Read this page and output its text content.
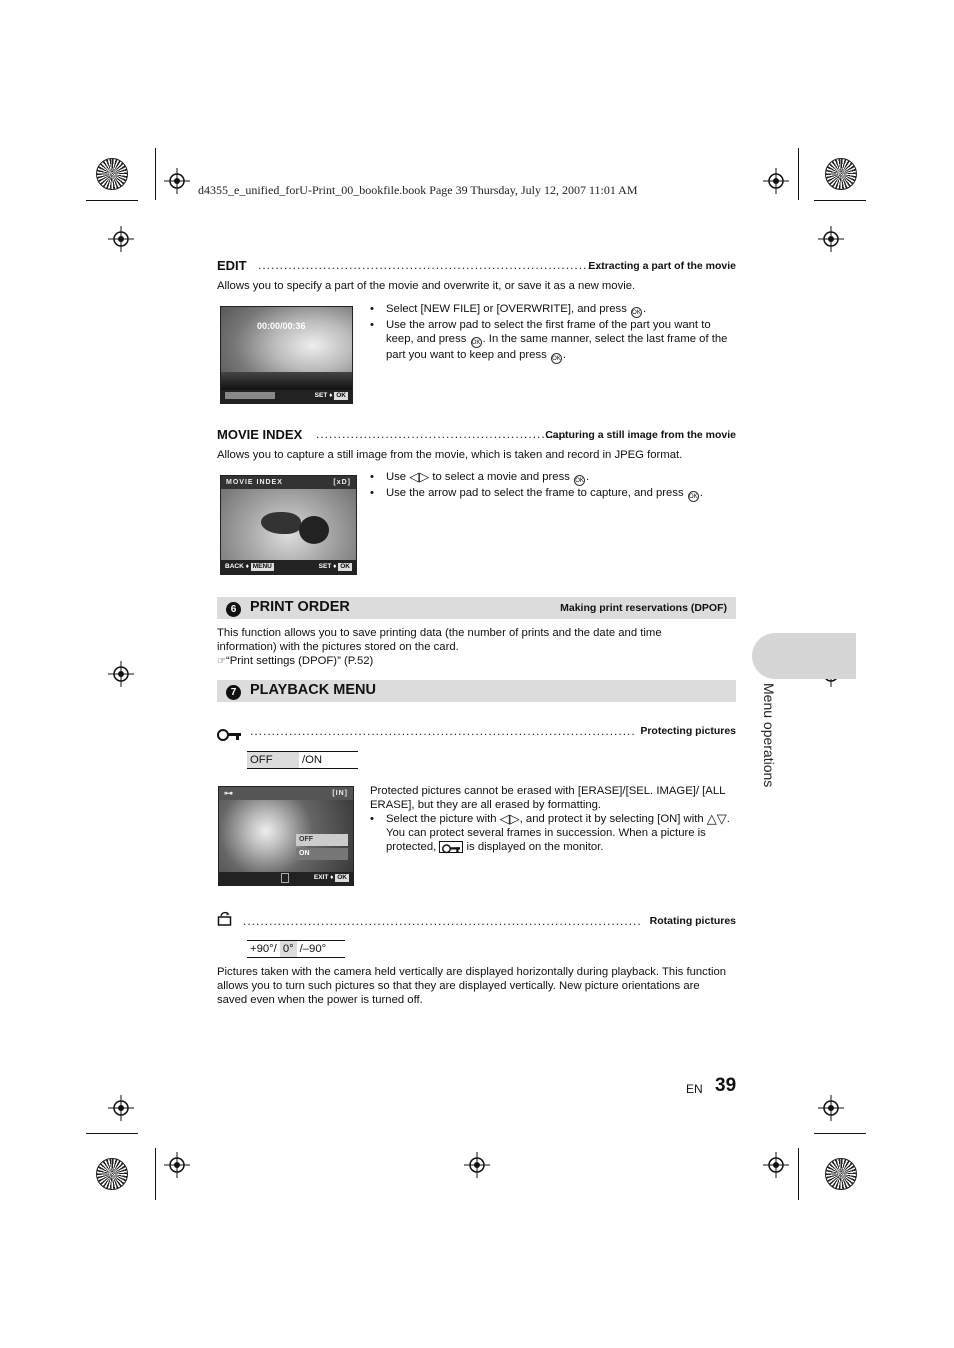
d4355_e_unified_forU-Print_00_bookfile.book Page 39 Thursday, July 12, 2007 11:01 AM
EDIT ................................................................................
Extracting a part of the movie
Allows you to specify a part of the movie and overwrite it, or save it as a new movie.
00:00/00:36
SET ♦ OK
• Select [NEW FILE] or [OVERWRITE], and press OK .
• Use the arrow pad to select the first frame of the part you want to keep, and press OK . In the same manner, select the last frame of the part you want to keep and press OK .
MOVIE INDEX ..........................................................
Capturing a still image from the movie
Allows you to capture a still image from the movie, which is taken and record in JPEG format.
MOVIE INDEX	[xD]
BACK ♦ MENU	SET ♦ OK
• Use ◁▷ to select a movie and press OK .
• Use the arrow pad to select the frame to capture, and press OK .
6 PRINT ORDER	Making print reservations (DPOF)
This function allows you to save printing data (the number of prints and the date and time information) with the pictures stored on the card.
☞“Print settings (DPOF)” (P.52)
7 PLAYBACK MENU
......................................................................................... Protecting pictures
OFF	/ON
⊶	[IN]
OFF
ON
EXIT ♦ OK
Protected pictures cannot be erased with [ERASE]/[SEL. IMAGE]/ [ALL ERASE], but they are all erased by formatting.
• Select the picture with ◁▷, and protect it by selecting [ON] with △▽. You can protect several frames in succession. When a picture is protected,	is displayed on the monitor.
............................................................................................ Rotating pictures
+90°/	0°	/–90°
Pictures taken with the camera held vertically are displayed horizontally during playback. This function allows you to turn such pictures so that they are displayed vertically. New picture orientations are saved even when the power is turned off.
Menu operations
EN 39
